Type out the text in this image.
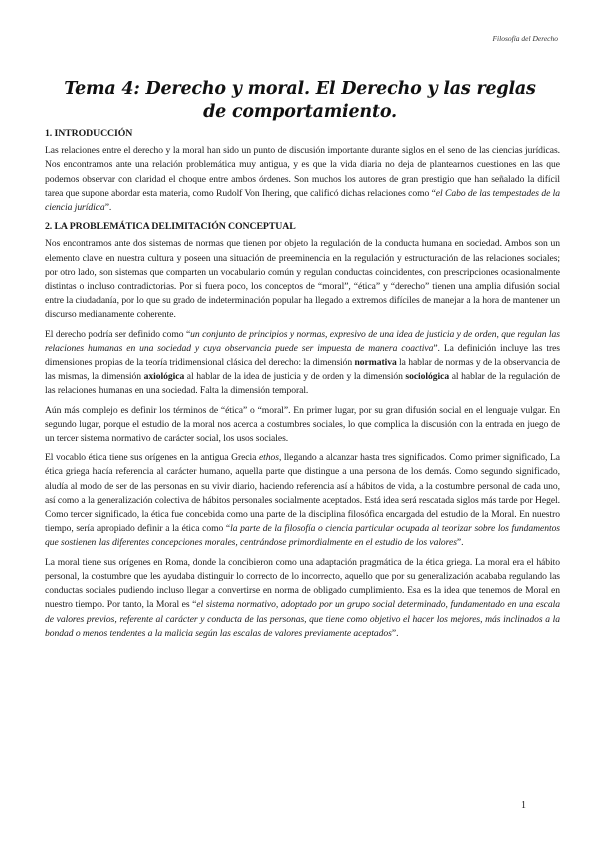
Filosofía del Derecho
Tema 4: Derecho y moral. El Derecho y las reglas
de comportamiento.
1. INTRODUCCIÓN

Las relaciones entre el derecho y la moral han sido un punto de discusión importante durante siglos en el seno de las ciencias jurídicas. Nos encontramos ante una relación problemática muy antigua, y es que la vida diaria no deja de plantearnos cuestiones en las que podemos observar con claridad el choque entre ambos órdenes. Son muchos los autores de gran prestigio que han señalado la difícil tarea que supone abordar esta materia, como Rudolf Von Ihering, que calificó dichas relaciones como “el Cabo de las tempestades de la ciencia jurídica”.

2. LA PROBLEMÁTICA DELIMITACIÓN CONCEPTUAL

Nos encontramos ante dos sistemas de normas que tienen por objeto la regulación de la conducta humana en sociedad. Ambos son un elemento clave en nuestra cultura y poseen una situación de preeminencia en la regulación y estructuración de las relaciones sociales; por otro lado, son sistemas que comparten un vocabulario común y regulan conductas coincidentes, con prescripciones ocasionalmente distintas o incluso contradictorias. Por si fuera poco, los conceptos de “moral”, “ética” y “derecho” tienen una amplia difusión social entre la ciudadanía, por lo que su grado de indeterminación popular ha llegado a extremos difíciles de manejar a la hora de mantener un discurso medianamente coherente.

El derecho podría ser definido como “un conjunto de principios y normas, expresivo de una idea de justicia y de orden, que regulan las relaciones humanas en una sociedad y cuya observancia puede ser impuesta de manera coactiva”. La definición incluye las tres dimensiones propias de la teoría tridimensional clásica del derecho: la dimensión normativa la hablar de normas y de la observancia de las mismas, la dimensión axiológica al hablar de la idea de justicia y de orden y la dimensión sociológica al hablar de la regulación de las relaciones humanas en una sociedad. Falta la dimensión temporal.

Aún más complejo es definir los términos de “ética” o “moral”. En primer lugar, por su gran difusión social en el lenguaje vulgar. En segundo lugar, porque el estudio de la moral nos acerca a costumbres sociales, lo que complica la discusión con la entrada en juego de un tercer sistema normativo de carácter social, los usos sociales.

El vocablo ética tiene sus orígenes en la antigua Grecia ethos, llegando a alcanzar hasta tres significados. Como primer significado, La ética griega hacía referencia al carácter humano, aquella parte que distingue a una persona de los demás. Como segundo significado, aludía al modo de ser de las personas en su vivir diario, haciendo referencia así a hábitos de vida, a la costumbre personal de cada uno, así como a la generalización colectiva de hábitos personales socialmente aceptados. Está idea será rescatada siglos más tarde por Hegel. Como tercer significado, la ética fue concebida como una parte de la disciplina filosófica encargada del estudio de la Moral. En nuestro tiempo, sería apropiado definir a la ética como “la parte de la filosofía o ciencia particular ocupada al teorizar sobre los fundamentos que sostienen las diferentes concepciones morales, centrándose primordialmente en el estudio de los valores”.

La moral tiene sus orígenes en Roma, donde la concibieron como una adaptación pragmática de la ética griega. La moral era el hábito personal, la costumbre que les ayudaba distinguir lo correcto de lo incorrecto, aquello que por su generalización acababa regulando las conductas sociales pudiendo incluso llegar a convertirse en norma de obligado cumplimiento. Esa es la idea que tenemos de Moral en nuestro tiempo. Por tanto, la Moral es “el sistema normativo, adoptado por un grupo social determinado, fundamentado en una escala de valores previos, referente al carácter y conducta de las personas, que tiene como objetivo el hacer los mejores, más inclinados a la bondad o menos tendentes a la malicia según las escalas de valores previamente aceptados”.

1
